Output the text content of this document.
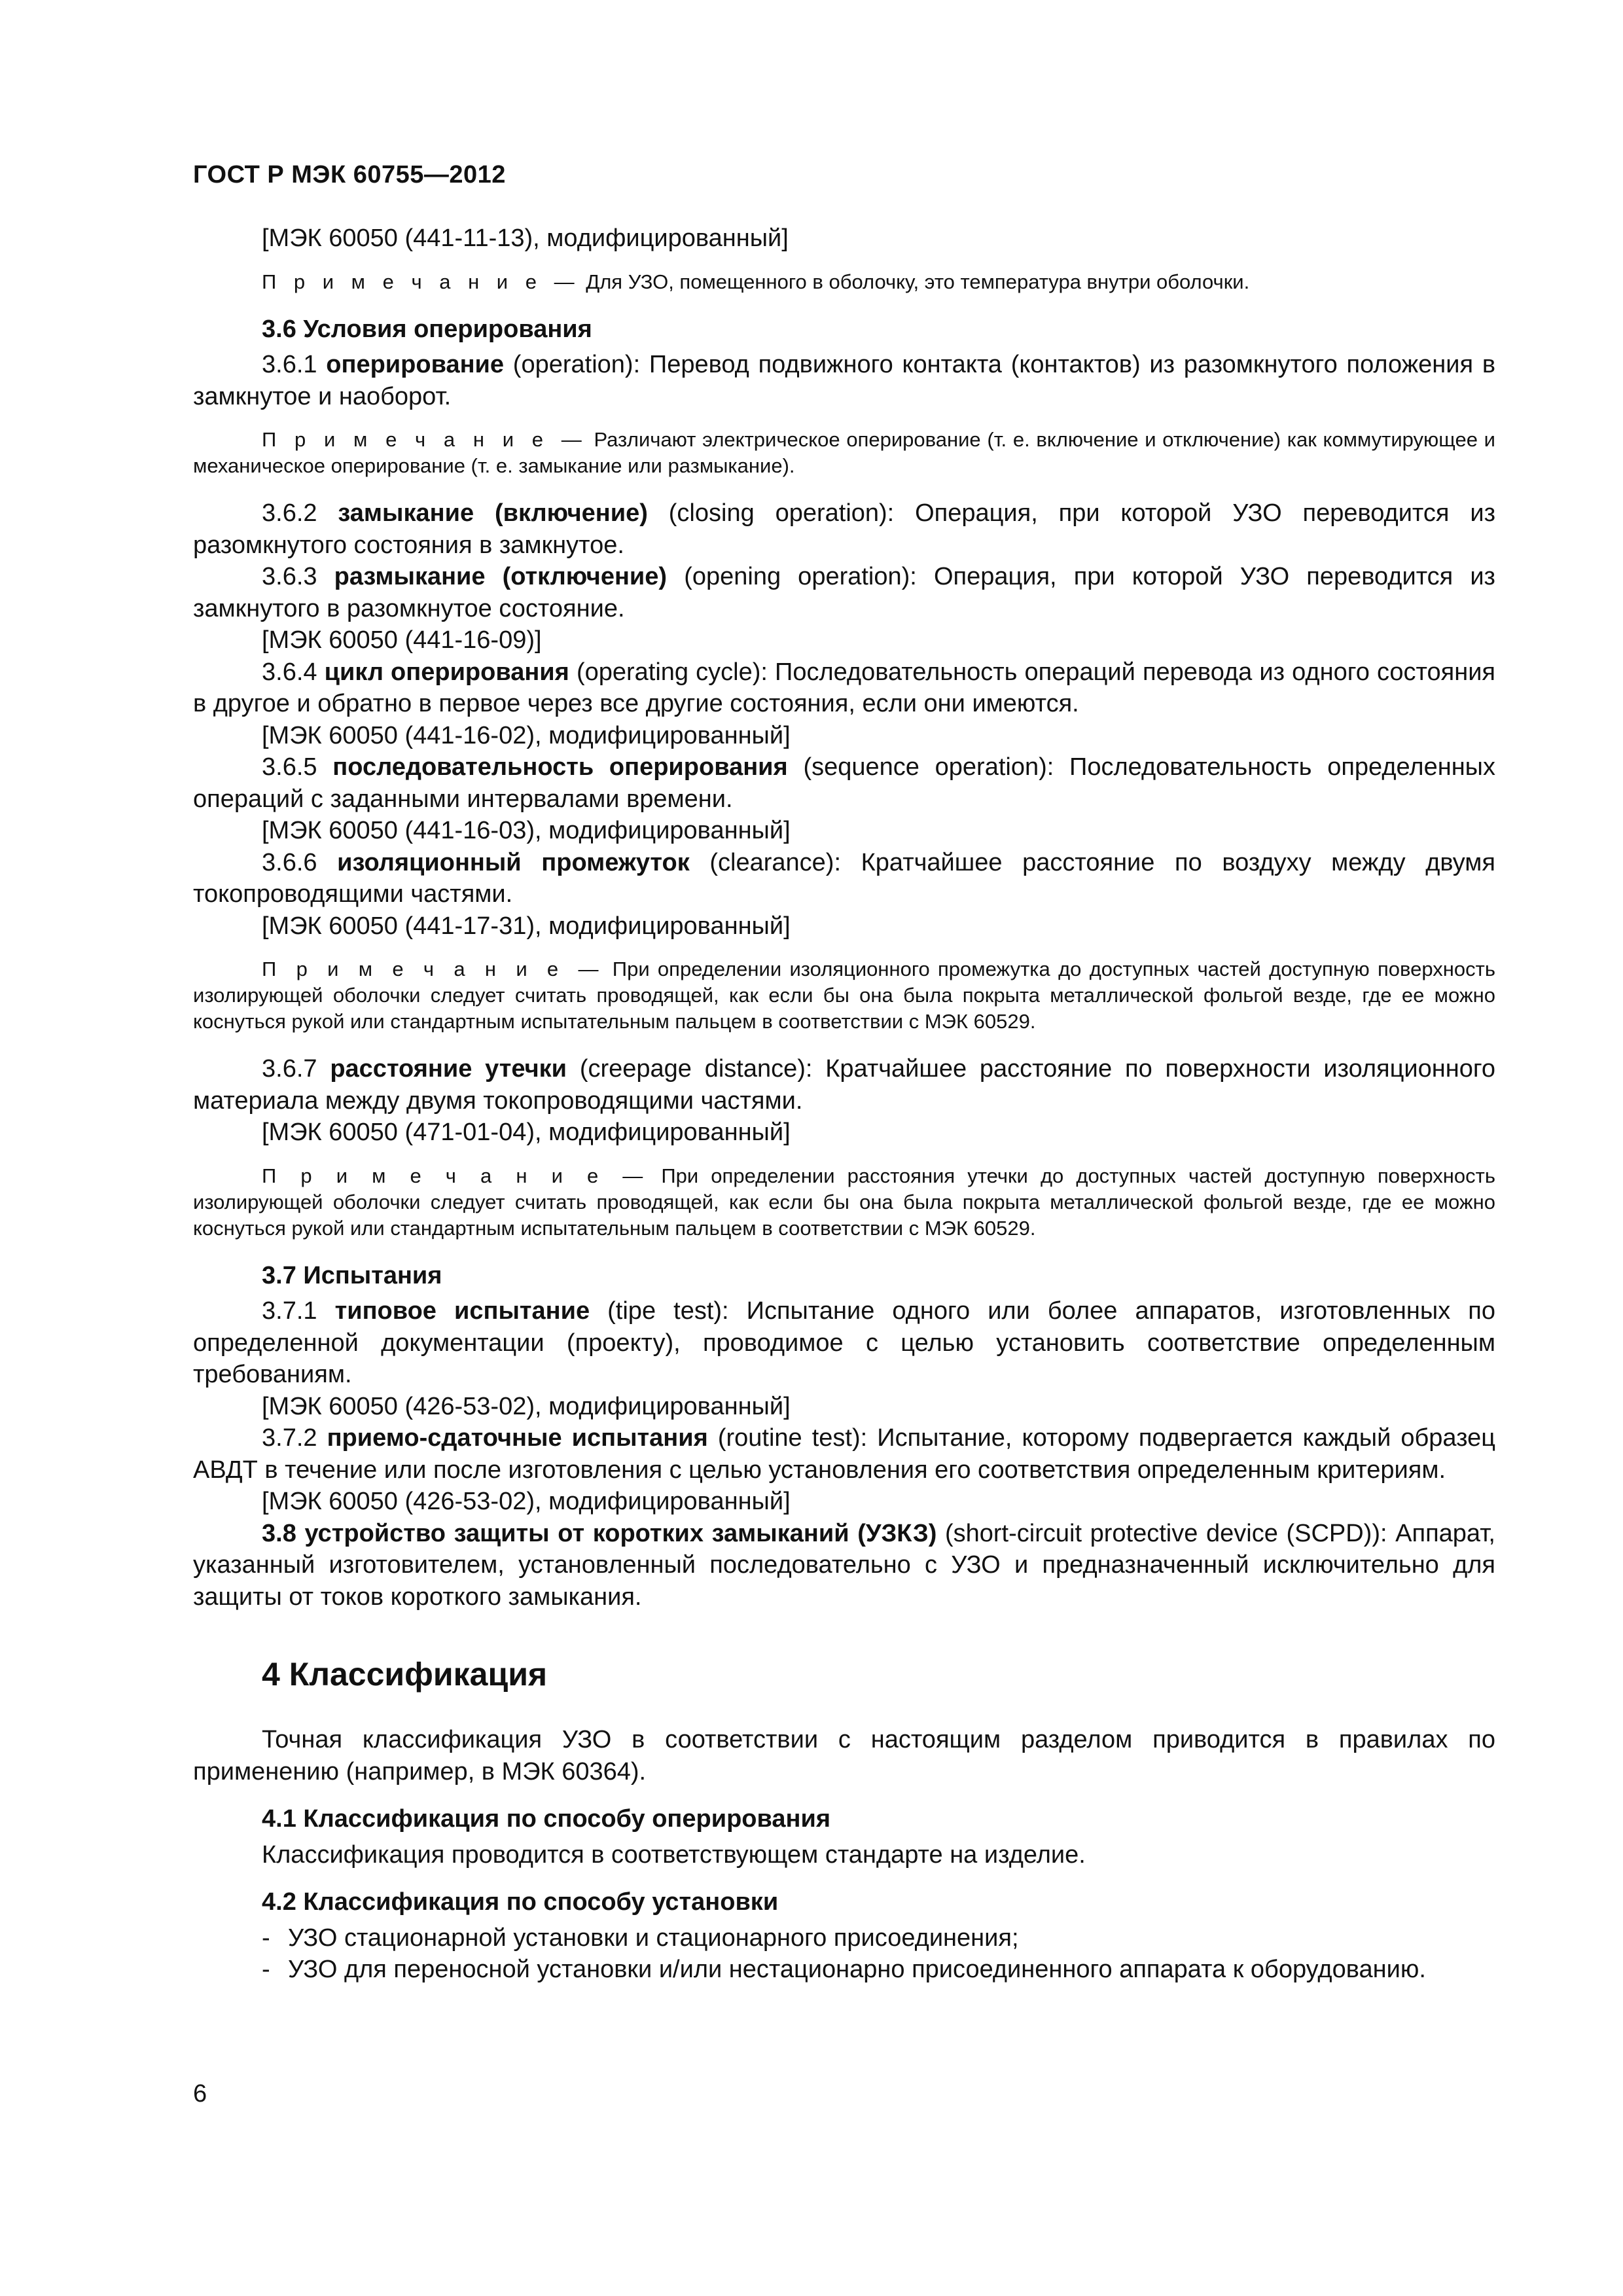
ГОСТ Р МЭК 60755—2012

[МЭК 60050 (441-11-13), модифицированный]

П р и м е ч а н и е — Для УЗО, помещенного в оболочку, это температура внутри оболочки.

3.6 Условия оперирования

3.6.1 оперирование (operation): Перевод подвижного контакта (контактов) из разомкнутого положения в замкнутое и наоборот.

П р и м е ч а н и е — Различают электрическое оперирование (т. е. включение и отключение) как коммутирующее и механическое оперирование (т. е. замыкание или размыкание).

3.6.2 замыкание (включение) (closing operation): Операция, при которой УЗО переводится из разомкнутого состояния в замкнутое.

3.6.3 размыкание (отключение) (opening operation): Операция, при которой УЗО переводится из замкнутого в разомкнутое состояние.

[МЭК 60050 (441-16-09)]

3.6.4 цикл оперирования (operating cycle): Последовательность операций перевода из одного состояния в другое и обратно в первое через все другие состояния, если они имеются.

[МЭК 60050 (441-16-02), модифицированный]

3.6.5 последовательность оперирования (sequence operation): Последовательность определенных операций с заданными интервалами времени.

[МЭК 60050 (441-16-03), модифицированный]

3.6.6 изоляционный промежуток (clearance): Кратчайшее расстояние по воздуху между двумя токопроводящими частями.

[МЭК 60050 (441-17-31), модифицированный]

П р и м е ч а н и е — При определении изоляционного промежутка до доступных частей доступную поверхность изолирующей оболочки следует считать проводящей, как если бы она была покрыта металлической фольгой везде, где ее можно коснуться рукой или стандартным испытательным пальцем в соответствии с МЭК 60529.

3.6.7 расстояние утечки (creepage distance): Кратчайшее расстояние по поверхности изоляционного материала между двумя токопроводящими частями.

[МЭК 60050 (471-01-04), модифицированный]

П р и м е ч а н и е — При определении расстояния утечки до доступных частей доступную поверхность изолирующей оболочки следует считать проводящей, как если бы она была покрыта металлической фольгой везде, где ее можно коснуться рукой или стандартным испытательным пальцем в соответствии с МЭК 60529.

3.7 Испытания

3.7.1 типовое испытание (tipe test): Испытание одного или более аппаратов, изготовленных по определенной документации (проекту), проводимое с целью установить соответствие определенным требованиям.

[МЭК 60050 (426-53-02), модифицированный]

3.7.2 приемо-сдаточные испытания (routine test): Испытание, которому подвергается каждый образец АВДТ в течение или после изготовления с целью установления его соответствия определенным критериям.

[МЭК 60050 (426-53-02), модифицированный]

3.8 устройство защиты от коротких замыканий (УЗКЗ) (short-circuit protective device (SCPD)): Аппарат, указанный изготовителем, установленный последовательно с УЗО и предназначенный исключительно для защиты от токов короткого замыкания.

4 Классификация

Точная классификация УЗО в соответствии с настоящим разделом приводится в правилах по применению (например, в МЭК 60364).

4.1 Классификация по способу оперирования

Классификация проводится в соответствующем стандарте на изделие.

4.2 Классификация по способу установки

- УЗО стационарной установки и стационарного присоединения;
- УЗО для переносной установки и/или нестационарно присоединенного аппарата к оборудованию.
6
